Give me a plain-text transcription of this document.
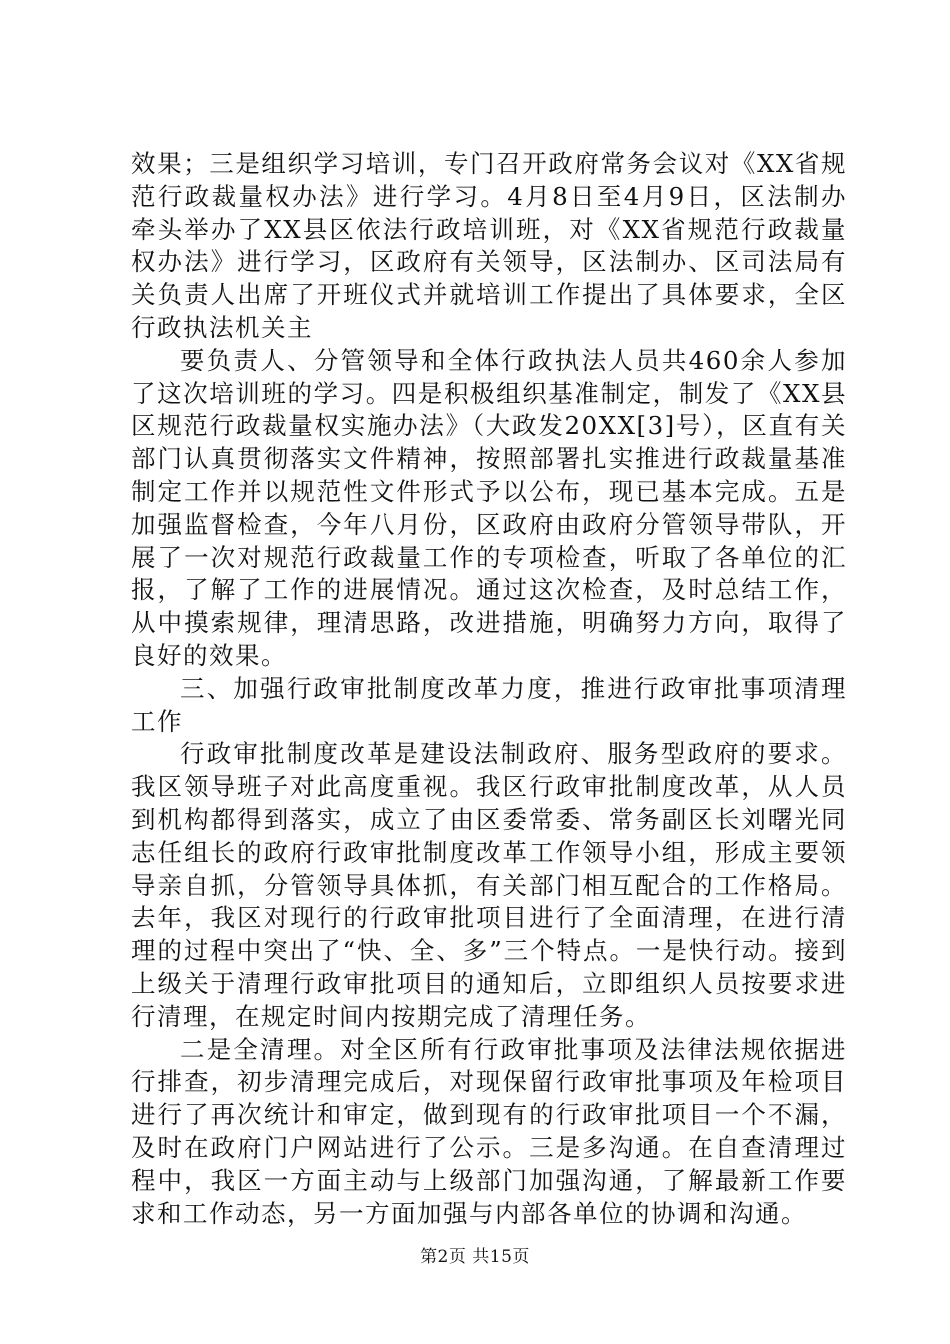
效果；三是组织学习培训，专门召开政府常务会议对《XX省规范行政裁量权办法》进行学习。4月8日至4月9日，区法制办牵头举办了XX县区依法行政培训班，对《XX省规范行政裁量权办法》进行学习，区政府有关领导，区法制办、区司法局有关负责人出席了开班仪式并就培训工作提出了具体要求，全区行政执法机关主

要负责人、分管领导和全体行政执法人员共460余人参加了这次培训班的学习。四是积极组织基准制定，制发了《XX县区规范行政裁量权实施办法》（大政发20XX[3]号），区直有关部门认真贯彻落实文件精神，按照部署扎实推进行政裁量基准制定工作并以规范性文件形式予以公布，现已基本完成。五是加强监督检查，今年八月份，区政府由政府分管领导带队，开展了一次对规范行政裁量工作的专项检查，听取了各单位的汇报，了解了工作的进展情况。通过这次检查，及时总结工作，从中摸索规律，理清思路，改进措施，明确努力方向，取得了良好的效果。

三、加强行政审批制度改革力度，推进行政审批事项清理工作

行政审批制度改革是建设法制政府、服务型政府的要求。我区领导班子对此高度重视。我区行政审批制度改革，从人员到机构都得到落实，成立了由区委常委、常务副区长刘曙光同志任组长的政府行政审批制度改革工作领导小组，形成主要领导亲自抓，分管领导具体抓，有关部门相互配合的工作格局。去年，我区对现行的行政审批项目进行了全面清理，在进行清理的过程中突出了“快、全、多”三个特点。一是快行动。接到上级关于清理行政审批项目的通知后，立即组织人员按要求进行清理，在规定时间内按期完成了清理任务。

二是全清理。对全区所有行政审批事项及法律法规依据进行排查，初步清理完成后，对现保留行政审批事项及年检项目进行了再次统计和审定，做到现有的行政审批项目一个不漏，及时在政府门户网站进行了公示。三是多沟通。在自查清理过程中，我区一方面主动与上级部门加强沟通，了解最新工作要求和工作动态，另一方面加强与内部各单位的协调和沟通。

第2页 共15页
